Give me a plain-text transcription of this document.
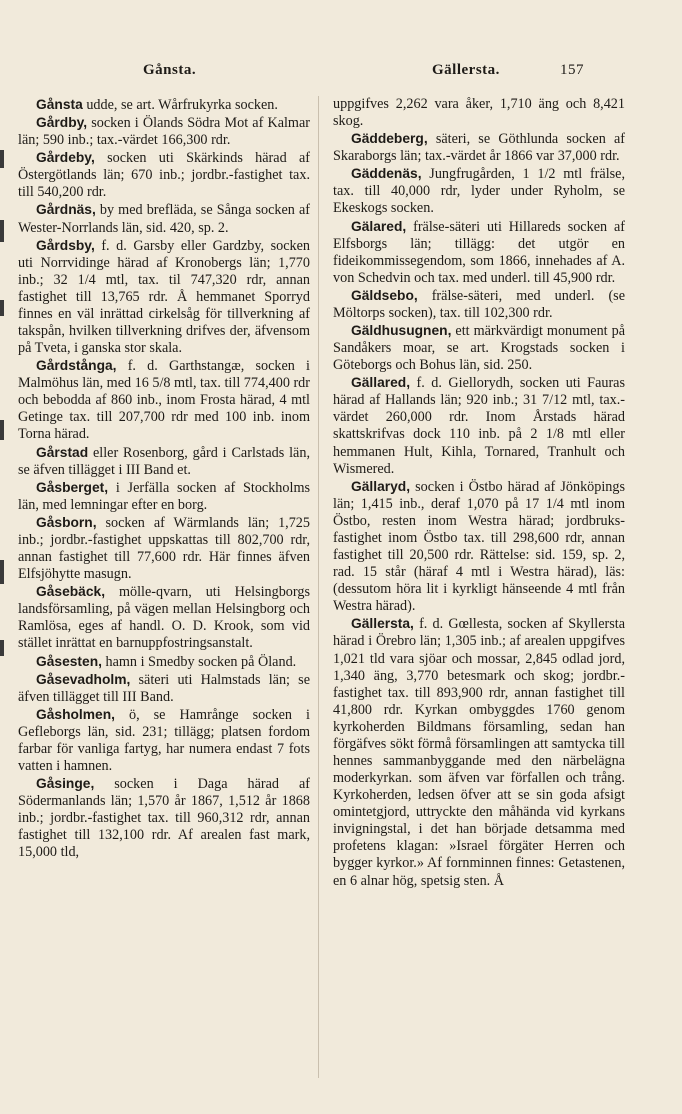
Gånsta.	Gällersta.	157

Gånsta udde, se art. Wårfrukyrka socken.

Gårdby, socken i Ölands Södra Mot af Kalmar län; 590 inb.; tax.-värdet 166,300 rdr.

Gårdeby, socken uti Skärkinds härad af Östergötlands län; 670 inb.; jordbr.-fastighet tax. till 540,200 rdr.

Gårdnäs, by med brefläda, se Sånga socken af Wester-Norrlands län, sid. 420, sp. 2.

Gårdsby, f. d. Garsby eller Gardzby, socken uti Norrvidinge härad af Kronobergs län; 1,770 inb.; 32 1/4 mtl, tax. til 747,320 rdr, annan fastighet till 13,765 rdr. Å hemmanet Sporryd finnes en väl inrättad cirkelsåg för tillverkning af takspån, hvilken tillverkning drifves der, äfvensom på Tveta, i ganska stor skala.

Gårdstånga, f. d. Garthstangæ, socken i Malmöhus län, med 16 5/8 mtl, tax. till 774,400 rdr och bebodda af 860 inb., inom Frosta härad, 4 mtl Getinge tax. till 207,700 rdr med 100 inb. inom Torna härad.

Gårstad eller Rosenborg, gård i Carlstads län, se äfven tillägget i III Band et.

Gåsberget, i Jerfälla socken af Stockholms län, med lemningar efter en borg.

Gåsborn, socken af Wärmlands län; 1,725 inb.; jordbr.-fastighet uppskattas till 802,700 rdr, annan fastighet till 77,600 rdr. Här finnes äfven Elfsjöhytte masugn.

Gåsebäck, mölle-qvarn, uti Helsingborgs landsförsamling, på vägen mellan Helsingborg och Ramlösa, eges af handl. O. D. Krook, som vid stället inrättat en barnuppfostringsanstalt.

Gåsesten, hamn i Smedby socken på Öland.

Gåsevadholm, säteri uti Halmstads län; se äfven tillägget till III Band.

Gåsholmen, ö, se Hamrånge socken i Gefleborgs län, sid. 231; tillägg; platsen fordom farbar för vanliga fartyg, har numera endast 7 fots vatten i hamnen.

Gåsinge, socken i Daga härad af Södermanlands län; 1,570 år 1867, 1,512 år 1868 inb.; jordbr.-fastighet tax. till 960,312 rdr, annan fastighet till 132,100 rdr. Af arealen fast mark, 15,000 tld,

uppgifves 2,262 vara åker, 1,710 äng och 8,421 skog.

Gäddeberg, säteri, se Göthlunda socken af Skaraborgs län; tax.-värdet år 1866 var 37,000 rdr.

Gäddenäs, Jungfrugården, 1 1/2 mtl frälse, tax. till 40,000 rdr, lyder under Ryholm, se Ekeskogs socken.

Gälared, frälse-säteri uti Hillareds socken af Elfsborgs län; tillägg: det utgör en fideikommissegendom, som 1866, innehades af A. von Schedvin och tax. med underl. till 45,900 rdr.

Gäldsebo, frälse-säteri, med underl. (se Möltorps socken), tax. till 102,300 rdr.

Gäldhusugnen, ett märkvärdigt monument på Sandåkers moar, se art. Krogstads socken i Göteborgs och Bohus län, sid. 250.

Gällared, f. d. Giellorydh, socken uti Fauras härad af Hallands län; 920 inb.; 31 7/12 mtl, tax.-värdet 260,000 rdr. Inom Årstads härad skattskrifvas dock 110 inb. på 2 1/8 mtl eller hemmanen Hult, Kihla, Tornared, Tranhult och Wismered.

Gällaryd, socken i Östbo härad af Jönköpings län; 1,415 inb., deraf 1,070 på 17 1/4 mtl inom Östbo, resten inom Westra härad; jordbruks-fastighet inom Östbo tax. till 298,600 rdr, annan fastighet till 20,500 rdr. Rättelse: sid. 159, sp. 2, rad. 15 står (häraf 4 mtl i Westra härad), läs: (dessutom höra lit i kyrkligt hänseende 4 mtl från Westra härad).

Gällersta, f. d. Gœllesta, socken af Skyllersta härad i Örebro län; 1,305 inb.; af arealen uppgifves 1,021 tld vara sjöar och mossar, 2,845 odlad jord, 1,340 äng, 3,770 betesmark och skog; jordbr.-fastighet tax. till 893,900 rdr, annan fastighet till 41,800 rdr. Kyrkan ombyggdes 1760 genom kyrkoherden Bildmans församling, sedan han förgäfves sökt förmå församlingen att samtycka till hennes sammanbyggande med den närbelägna moderkyrkan. som äfven var förfallen och trång. Kyrkoherden, ledsen öfver att se sin goda afsigt omintetgjord, uttryckte den måhända vid kyrkans invigningstal, i det han började detsamma med profetens klagan: »Israel förgäter Herren och bygger kyrkor.» Af fornminnen finnes: Getastenen, en 6 alnar hög, spetsig sten. Å
